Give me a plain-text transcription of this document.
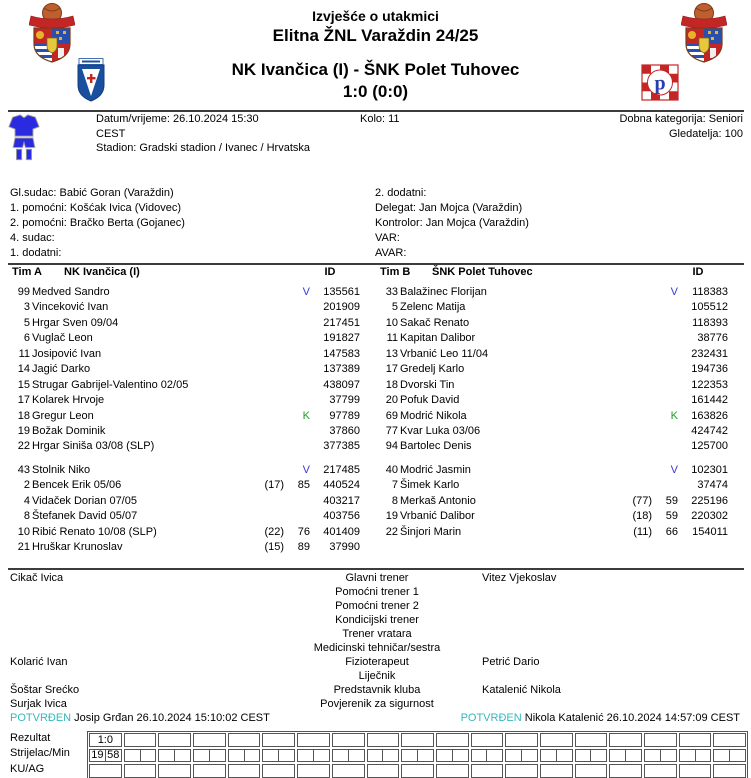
Izvješće o utakmici
Elitna ŽNL Varaždin 24/25
NK Ivančica (I) - ŠNK Polet Tuhovec
1:0 (0:0)	p
Datum/vrijeme: 26.10.2024 15:30 CEST
Stadion: Gradski stadion / Ivanec / Hrvatska
Kolo: 11	Dobna kategorija: Seniori
Gledatelja: 100
Gl.sudac: Babić Goran (Varaždin)
1. pomoćni: Košćak Ivica (Vidovec)
2. pomoćni: Bračko Berta (Gojanec)
4. sudac:
1. dodatni:
2. dodatni:
Delegat: Jan Mojca (Varaždin)
Kontrolor: Jan Mojca (Varaždin)
VAR:
AVAR:
Tim A	NK Ivančica (I)	ID
99 Medved Sandro	V	135561
3 Vinceković Ivan	201909
5 Hrgar Sven 09/04	217451
6 Vuglač Leon	191827
11 Josipović Ivan	147583
14 Jagić Darko	137389
15 Strugar Gabrijel-Valentino 02/05	438097
17 Kolarek Hrvoje	37799
18 Gregur Leon	K	97789
19 Božak Dominik	37860
22 Hrgar Siniša 03/08 (SLP)	377385
43 Stolnik Niko	V	217485
2 Bencek Erik 05/06	(17)	85	440524
4 Vidaček Dorian 07/05	403217
8 Štefanek David 05/07	403756
10 Ribić Renato 10/08 (SLP)	(22)	76	401409
21 Hruškar Krunoslav	(15)	89	37990
Tim B	ŠNK Polet Tuhovec	ID
33 Balažinec Florijan	V	118383
5 Zelenc Matija	105512
10 Sakač Renato	118393
11 Kapitan Dalibor	38776
13 Vrbanić Leo 11/04	232431
17 Gredelj Karlo	194736
18 Dvorski Tin	122353
20 Pofuk David	161442
69 Modrić Nikola	K	163826
77 Kvar Luka 03/06	424742
94 Bartolec Denis	125700
40 Modrić Jasmin	V	102301
7 Šimek Karlo	37474
8 Merkaš Antonio	(77)	59	225196
19 Vrbanić Dalibor	(18)	59	220302
22 Šinjori Marin	(11)	66	154011
Cikač Ivica	Glavni trener	Vitez Vjekoslav
Pomoćni trener 1
Pomoćni trener 2
Kondicijski trener
Trener vratara
Medicinski tehničar/sestra
Kolarić Ivan	Fizioterapeut	Petrić Dario
Liječnik
Šoštar Srećko	Predstavnik kluba	Katalenić Nikola
Surjak Ivica	Povjerenik za sigurnost
POTVRĐEN Josip Grđan 26.10.2024 15:10:02 CEST	POTVRĐEN Nikola Katalenić 26.10.2024 14:57:09 CEST
Rezultat
Strijelac/Min
KU/AG
1:0
19 58
